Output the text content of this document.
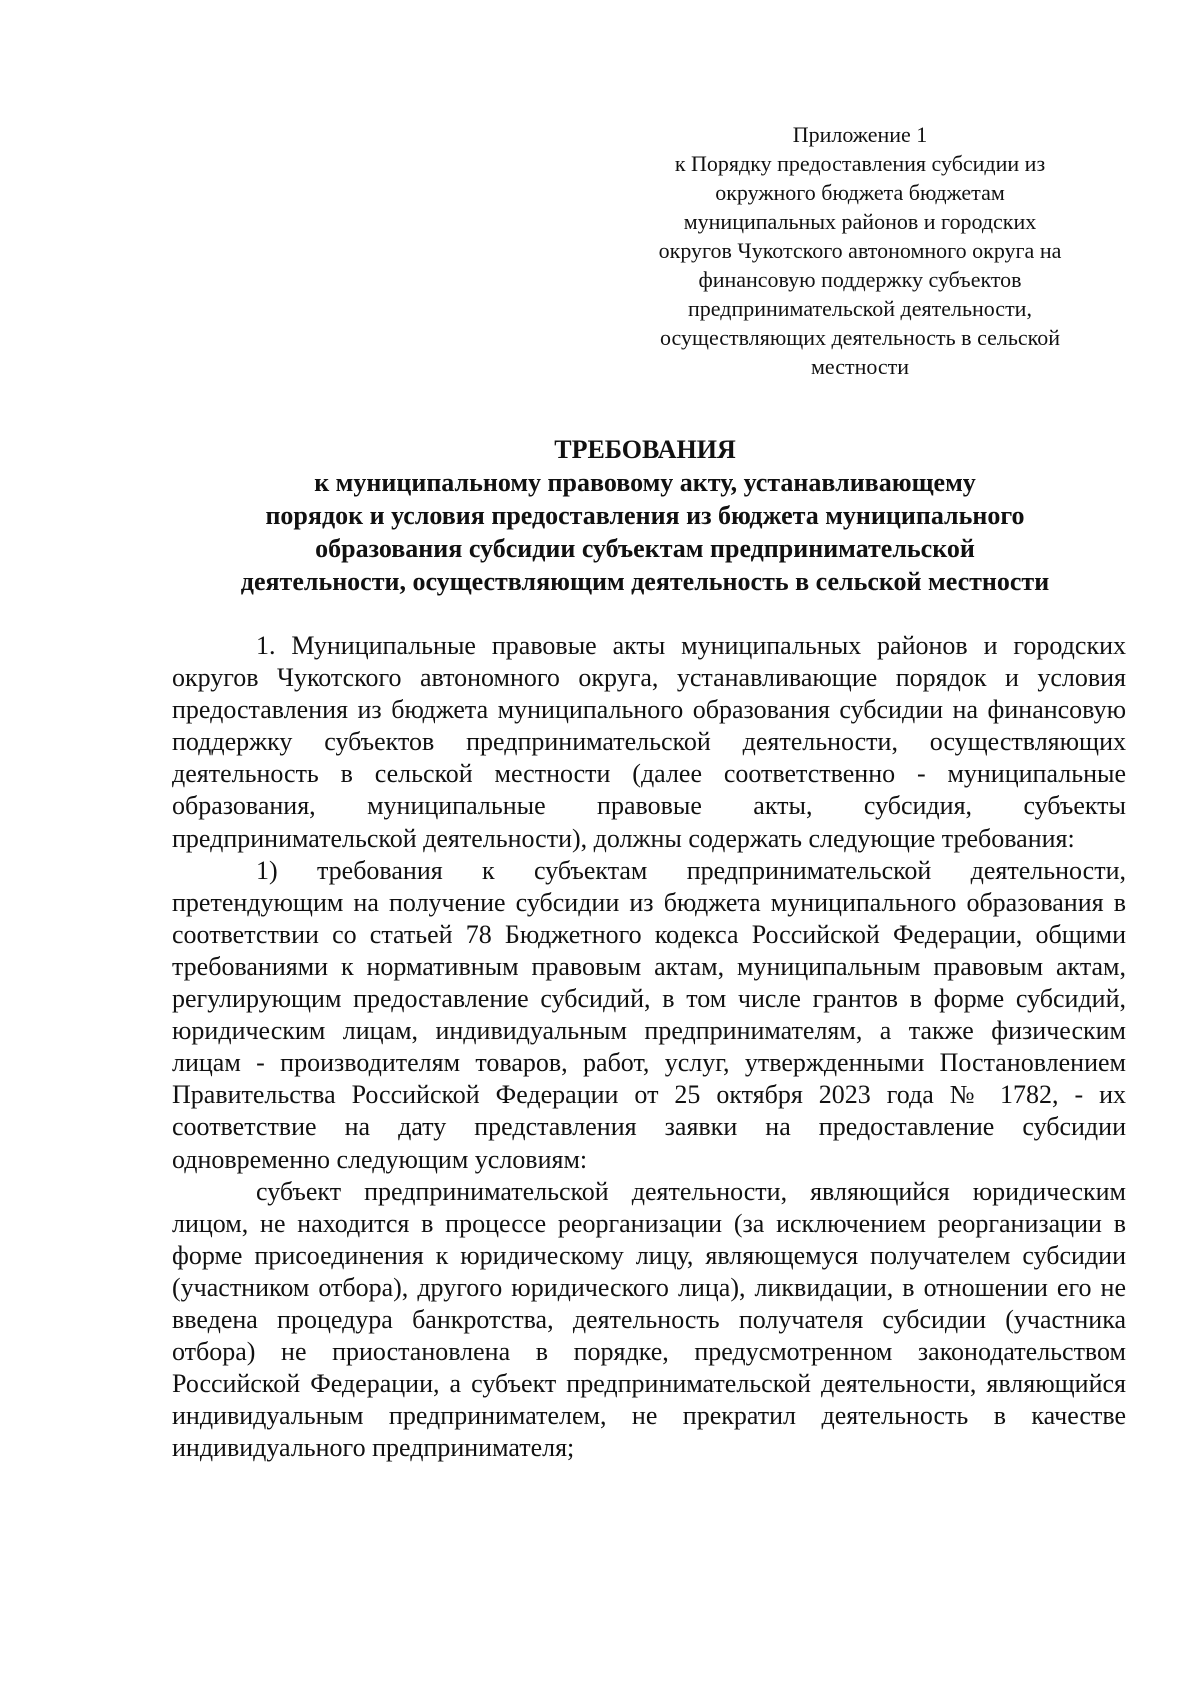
Приложение 1
к Порядку предоставления субсидии из
окружного бюджета бюджетам
муниципальных районов и городских
округов Чукотского автономного округа на
финансовую поддержку субъектов
предпринимательской деятельности,
осуществляющих деятельность в сельской
местности
ТРЕБОВАНИЯ
к муниципальному правовому акту, устанавливающему
порядок и условия предоставления из бюджета муниципального
образования субсидии субъектам предпринимательской
деятельности, осуществляющим деятельность в сельской местности

1. Муниципальные правовые акты муниципальных районов и городских округов Чукотского автономного округа, устанавливающие порядок и условия предоставления из бюджета муниципального образования субсидии на финансовую поддержку субъектов предпринимательской деятельности, осуществляющих деятельность в сельской местности (далее соответственно - муниципальные образования, муниципальные правовые акты, субсидия, субъекты предпринимательской деятельности), должны содержать следующие требования:

1) требования к субъектам предпринимательской деятельности, претендующим на получение субсидии из бюджета муниципального образования в соответствии со статьей 78 Бюджетного кодекса Российской Федерации, общими требованиями к нормативным правовым актам, муниципальным правовым актам, регулирующим предоставление субсидий, в том числе грантов в форме субсидий, юридическим лицам, индивидуальным предпринимателям, а также физическим лицам - производителям товаров, работ, услуг, утвержденными Постановлением Правительства Российской Федерации от 25 октября 2023 года № 1782, - их соответствие на дату представления заявки на предоставление субсидии одновременно следующим условиям:

субъект предпринимательской деятельности, являющийся юридическим лицом, не находится в процессе реорганизации (за исключением реорганизации в форме присоединения к юридическому лицу, являющемуся получателем субсидии (участником отбора), другого юридического лица), ликвидации, в отношении его не введена процедура банкротства, деятельность получателя субсидии (участника отбора) не приостановлена в порядке, предусмотренном законодательством Российской Федерации, а субъект предпринимательской деятельности, являющийся индивидуальным предпринимателем, не прекратил деятельность в качестве индивидуального предпринимателя;
